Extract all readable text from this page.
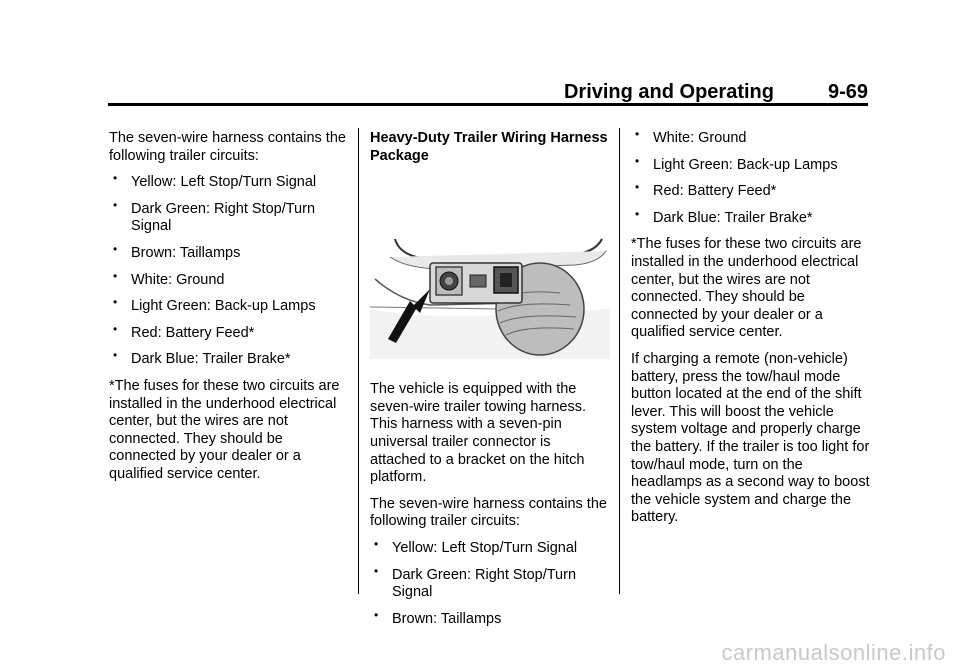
Driving and Operating	9-69

The seven-wire harness contains the following trailer circuits:

• Yellow: Left Stop/Turn Signal
• Dark Green: Right Stop/Turn Signal
• Brown: Taillamps
• White: Ground
• Light Green: Back-up Lamps
• Red: Battery Feed*
• Dark Blue: Trailer Brake*

*The fuses for these two circuits are installed in the underhood electrical center, but the wires are not connected. They should be connected by your dealer or a qualified service center.

Heavy-Duty Trailer Wiring Harness Package

The vehicle is equipped with the seven-wire trailer towing harness. This harness with a seven-pin universal trailer connector is attached to a bracket on the hitch platform.

The seven-wire harness contains the following trailer circuits:

• Yellow: Left Stop/Turn Signal
• Dark Green: Right Stop/Turn Signal
• Brown: Taillamps
• White: Ground
• Light Green: Back-up Lamps
• Red: Battery Feed*
• Dark Blue: Trailer Brake*

*The fuses for these two circuits are installed in the underhood electrical center, but the wires are not connected. They should be connected by your dealer or a qualified service center.

If charging a remote (non-vehicle) battery, press the tow/haul mode button located at the end of the shift lever. This will boost the vehicle system voltage and properly charge the battery. If the trailer is too light for tow/haul mode, turn on the headlamps as a second way to boost the vehicle system and charge the battery.

carmanualsonline.info
